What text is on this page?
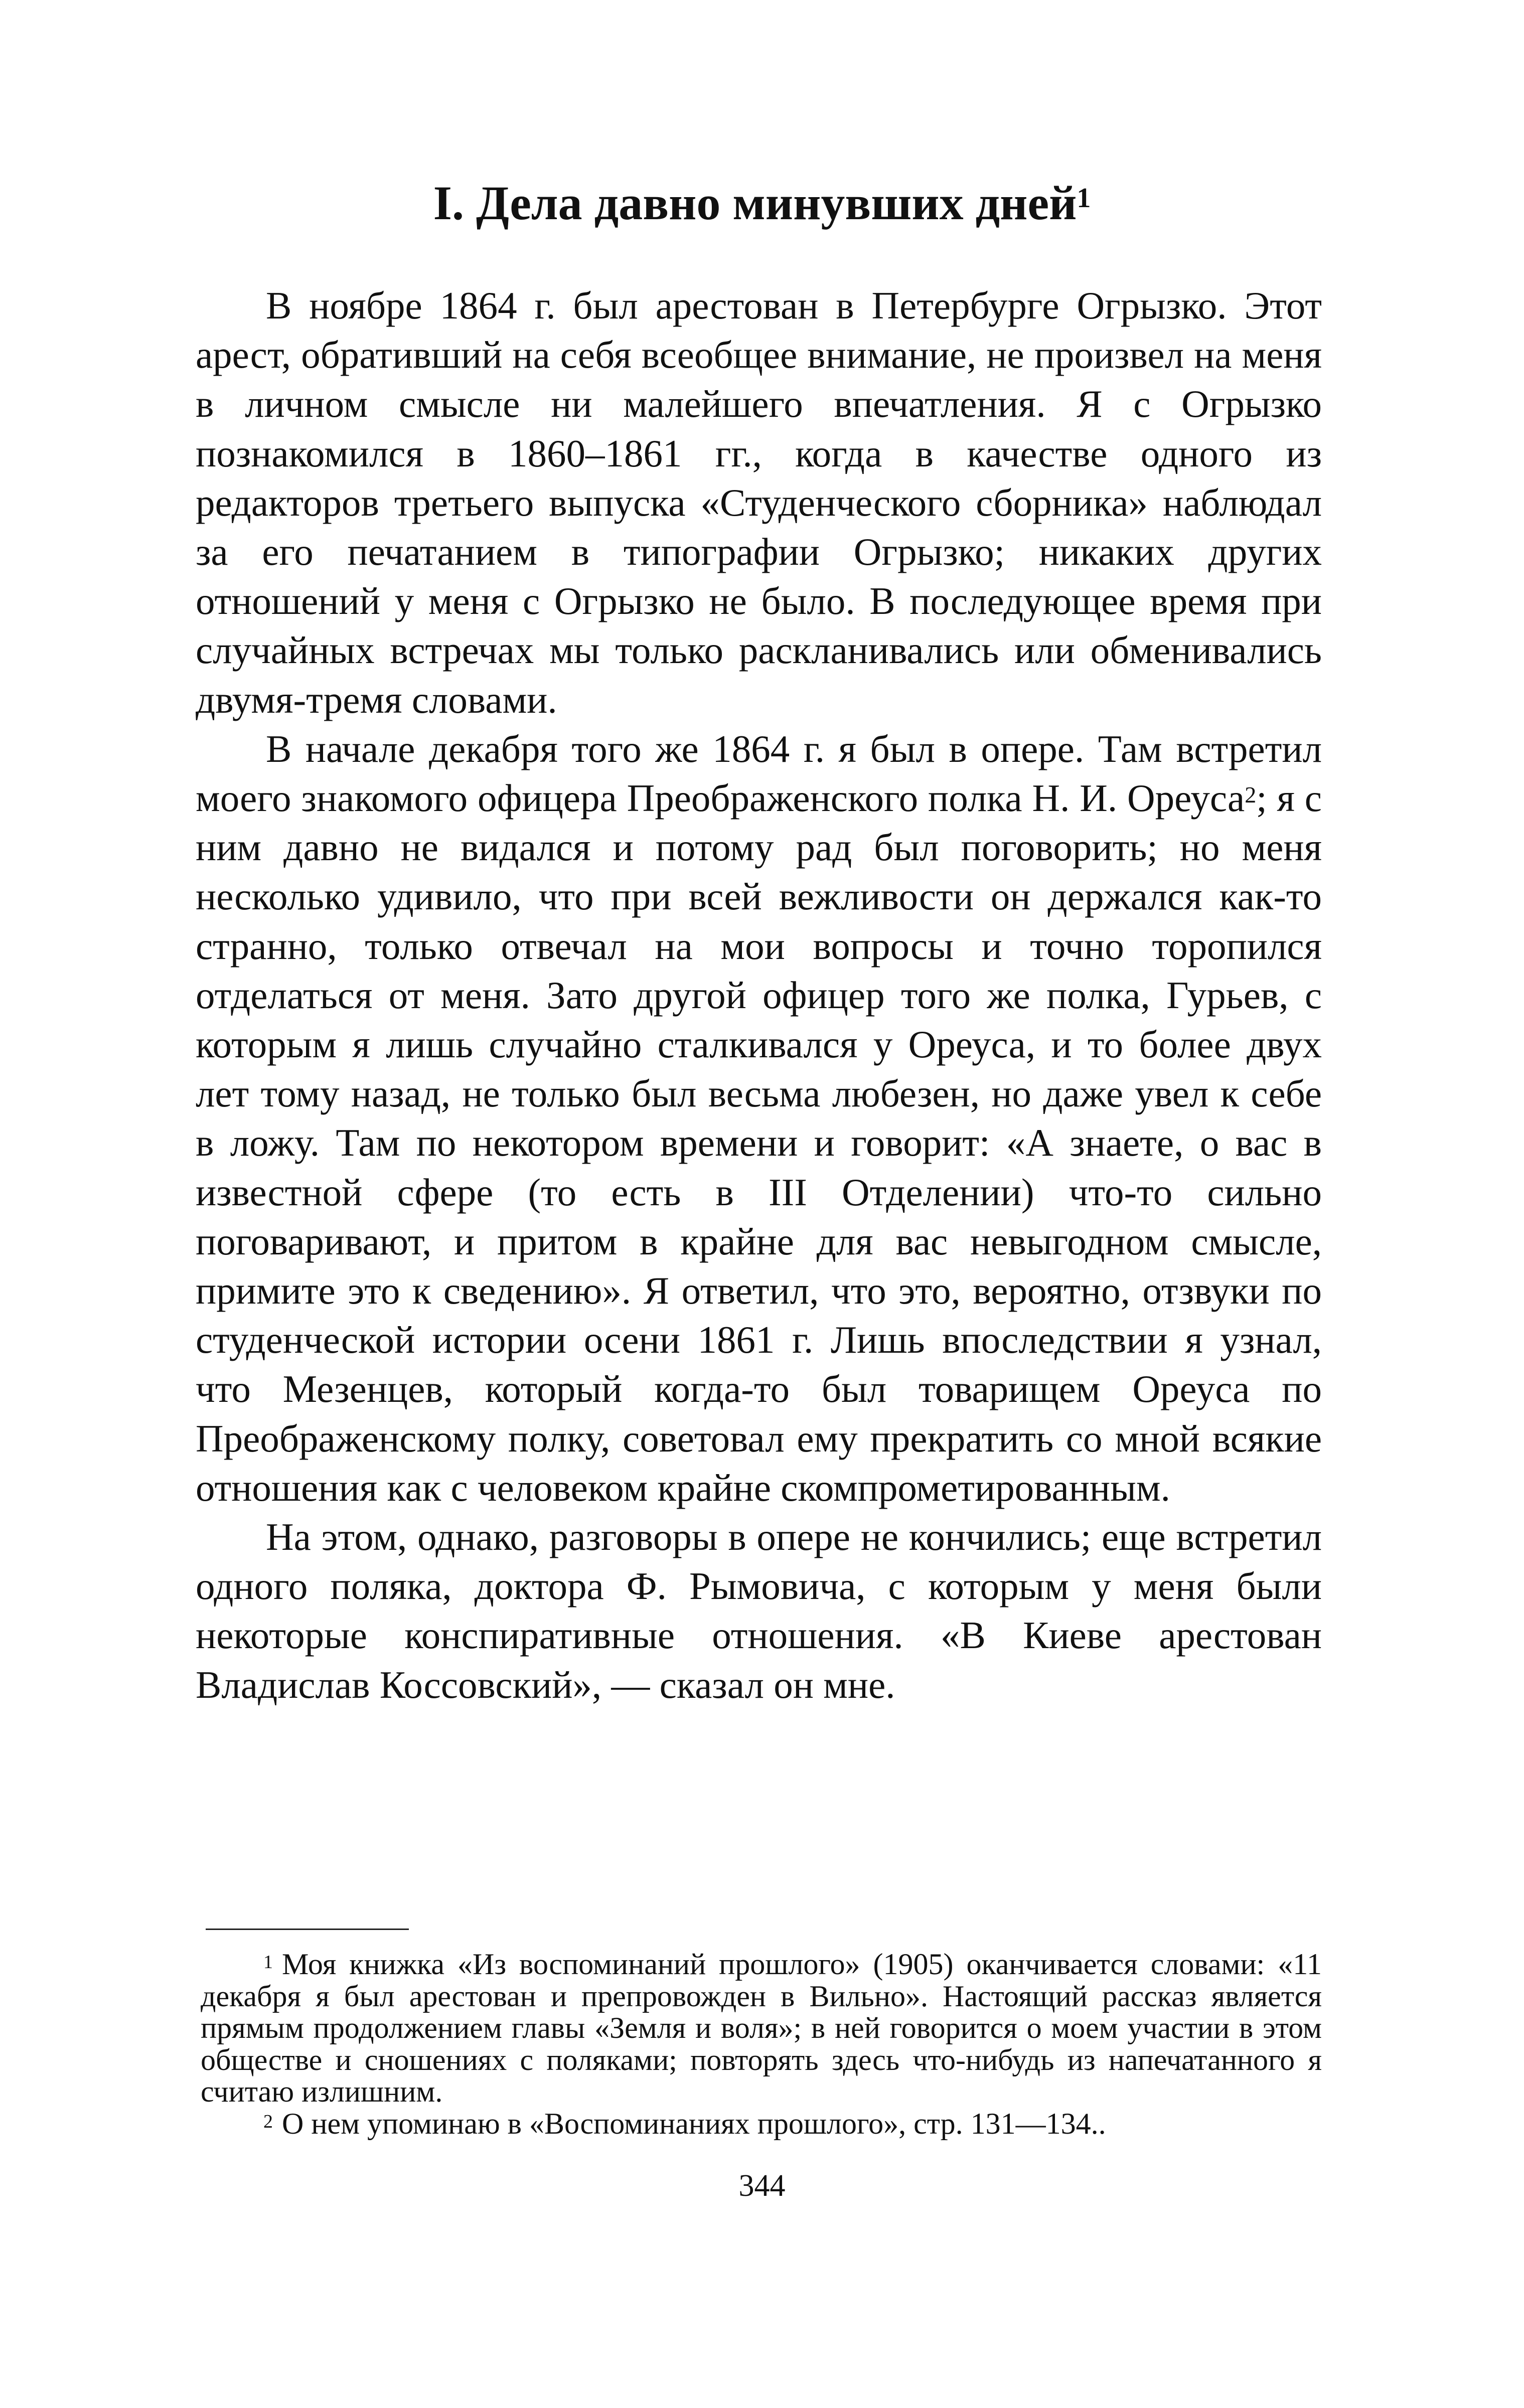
I. Дела давно минувших дней$^1$

В ноябре 1864 г. был арестован в Петербурге Огрызко. Этот арест, обративший на себя всеобщее внимание, не произвел на меня в личном смысле ни малейшего впечатления. Я с Огрызко познакомился в 1860–1861 гг., когда в качестве одного из редакторов третьего выпуска «Студенческого сборника» наблюдал за его печатанием в типографии Огрызко; никаких других отношений у меня с Огрызко не было. В последующее время при случайных встречах мы только раскланивались или обменивались двумя-тремя словами.

В начале декабря того же 1864 г. я был в опере. Там встретил моего знакомого офицера Преображенского полка Н. И. Ореуса$^2$; я с ним давно не видался и потому рад был поговорить; но меня несколько удивило, что при всей вежливости он держался как-то странно, только отвечал на мои вопросы и точно торопился отделаться от меня. Зато другой офицер того же полка, Гурьев, с которым я лишь случайно сталкивался у Ореуса, и то более двух лет тому назад, не только был весьма любезен, но даже увел к себе в ложу. Там по некотором времени и говорит: «А знаете, о вас в известной сфере (то есть в III Отделении) что-то сильно поговаривают, и притом в крайне для вас невыгодном смысле, примите это к сведению». Я ответил, что это, вероятно, отзвуки по студенческой истории осени 1861 г. Лишь впоследствии я узнал, что Мезенцев, который когда-то был товарищем Ореуса по Преображенскому полку, советовал ему прекратить со мной всякие отношения как с человеком крайне скомпрометированным.

На этом, однако, разговоры в опере не кончились; еще встретил одного поляка, доктора Ф. Рымовича, с которым у меня были некоторые конспиративные отношения. «В Киеве арестован Владислав Коссовский», — сказал он мне.

$^1$ Моя книжка «Из воспоминаний прошлого» (1905) оканчивается словами: «11 декабря я был арестован и препровожден в Вильно». Настоящий рассказ является прямым продолжением главы «Земля и воля»; в ней говорится о моем участии в этом обществе и сношениях с поляками; повторять здесь что-нибудь из напечатанного я считаю излишним.

$^2$ О нем упоминаю в «Воспоминаниях прошлого», стр. 131—134..

344
